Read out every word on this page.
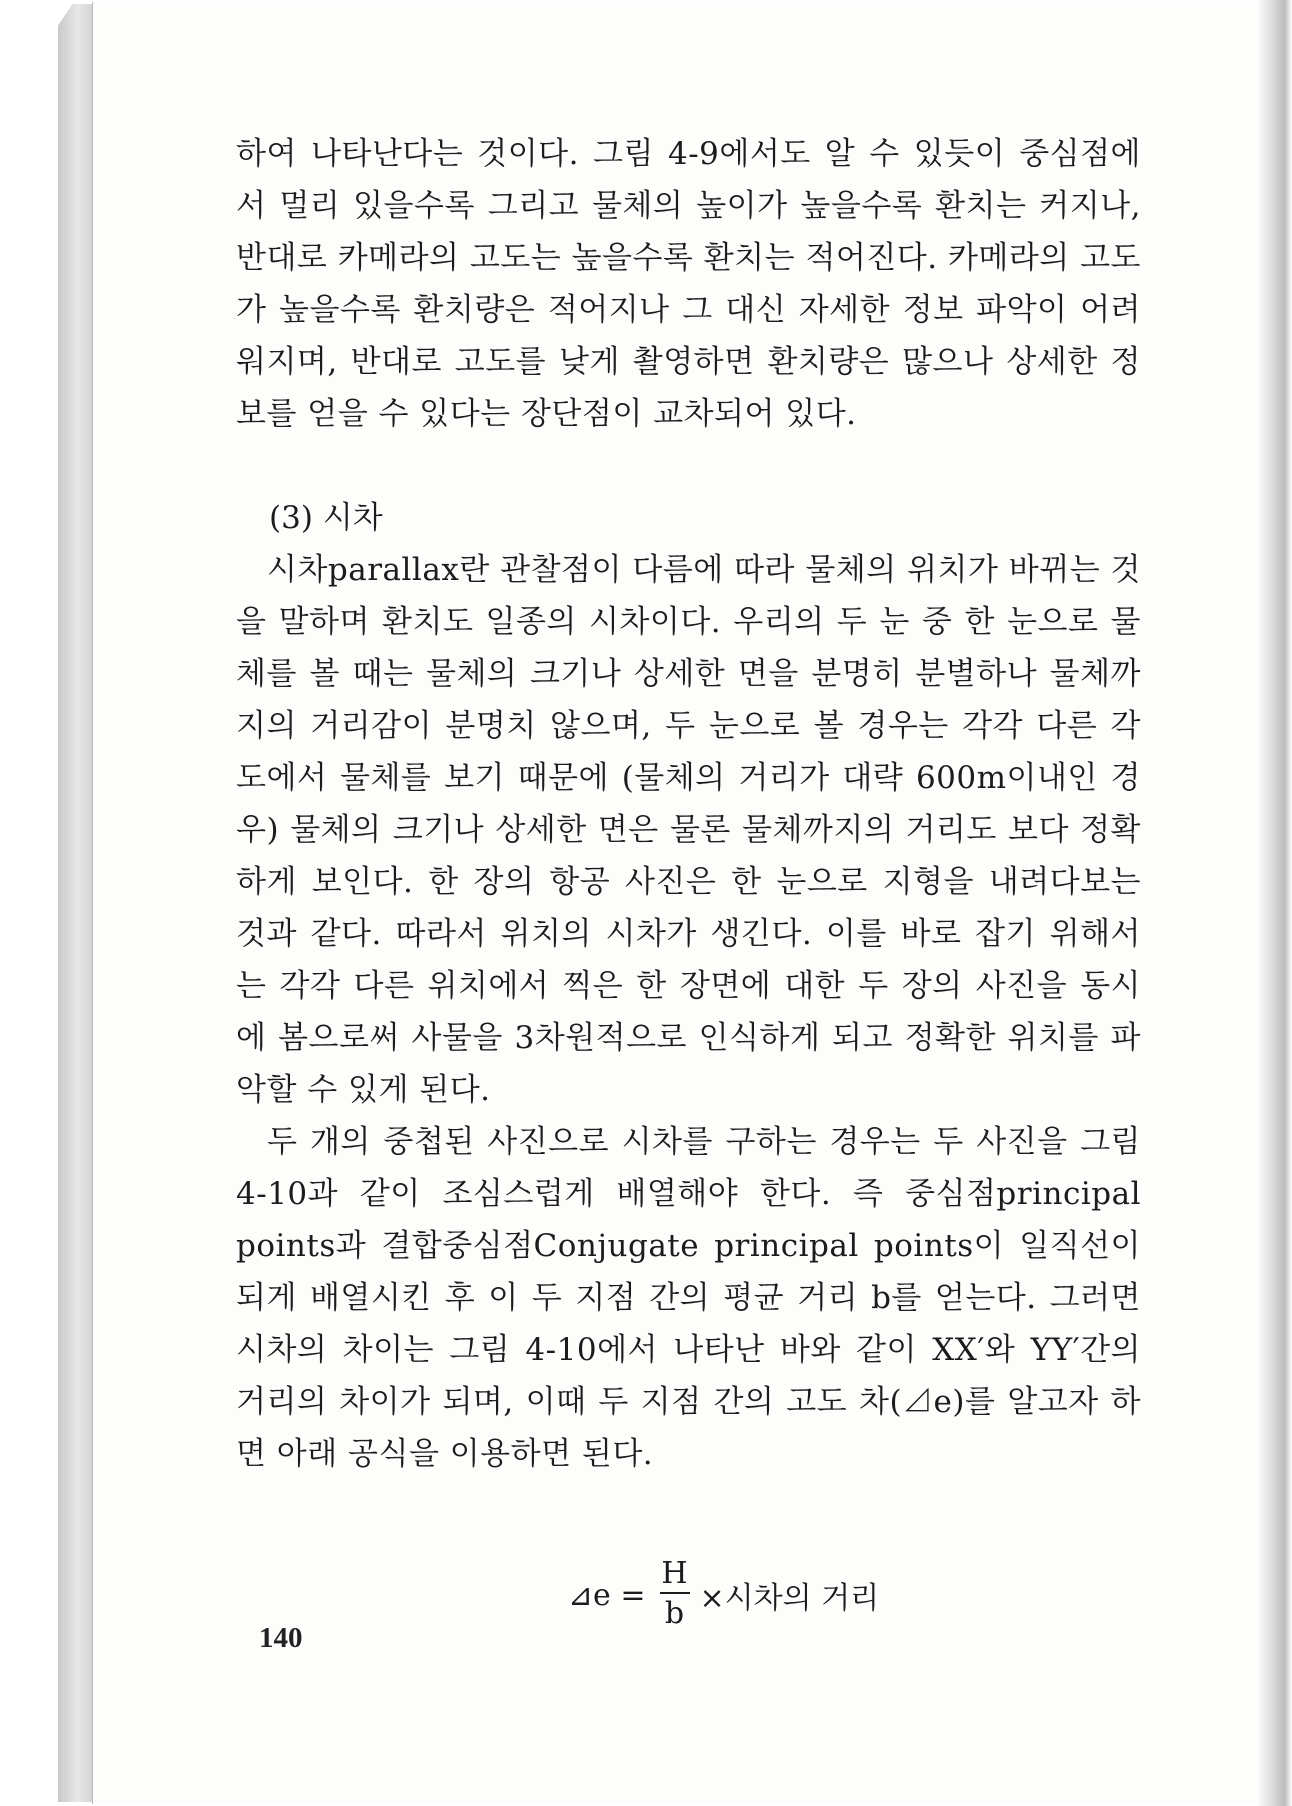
하여 나타난다는 것이다. 그림 4-9에서도 알 수 있듯이 중심점에서 멀리 있을수록 그리고 물체의 높이가 높을수록 환치는 커지나, 반대로 카메라의 고도는 높을수록 환치는 적어진다. 카메라의 고도가 높을수록 환치량은 적어지나 그 대신 자세한 정보 파악이 어려워지며, 반대로 고도를 낮게 촬영하면 환치량은 많으나 상세한 정보를 얻을 수 있다는 장단점이 교차되어 있다.

(3) 시차

시차parallax란 관찰점이 다름에 따라 물체의 위치가 바뀌는 것을 말하며 환치도 일종의 시차이다. 우리의 두 눈 중 한 눈으로 물체를 볼 때는 물체의 크기나 상세한 면을 분명히 분별하나 물체까지의 거리감이 분명치 않으며, 두 눈으로 볼 경우는 각각 다른 각도에서 물체를 보기 때문에 (물체의 거리가 대략 600m이내인 경우) 물체의 크기나 상세한 면은 물론 물체까지의 거리도 보다 정확하게 보인다. 한 장의 항공 사진은 한 눈으로 지형을 내려다보는 것과 같다. 따라서 위치의 시차가 생긴다. 이를 바로 잡기 위해서는 각각 다른 위치에서 찍은 한 장면에 대한 두 장의 사진을 동시에 봄으로써 사물을 3차원적으로 인식하게 되고 정확한 위치를 파악할 수 있게 된다.

두 개의 중첩된 사진으로 시차를 구하는 경우는 두 사진을 그림 4-10과 같이 조심스럽게 배열해야 한다. 즉 중심점principal points과 결합중심점Conjugate principal points이 일직선이 되게 배열시킨 후 이 두 지점 간의 평균 거리 b를 얻는다. 그러면 시차의 차이는 그림 4-10에서 나타난 바와 같이 XX′와 YY′간의 거리의 차이가 되며, 이때 두 지점 간의 고도 차(⊿e)를 알고자 하면 아래 공식을 이용하면 된다.

⊿e = $\frac{H}{b}$ ×시차의 거리
140
